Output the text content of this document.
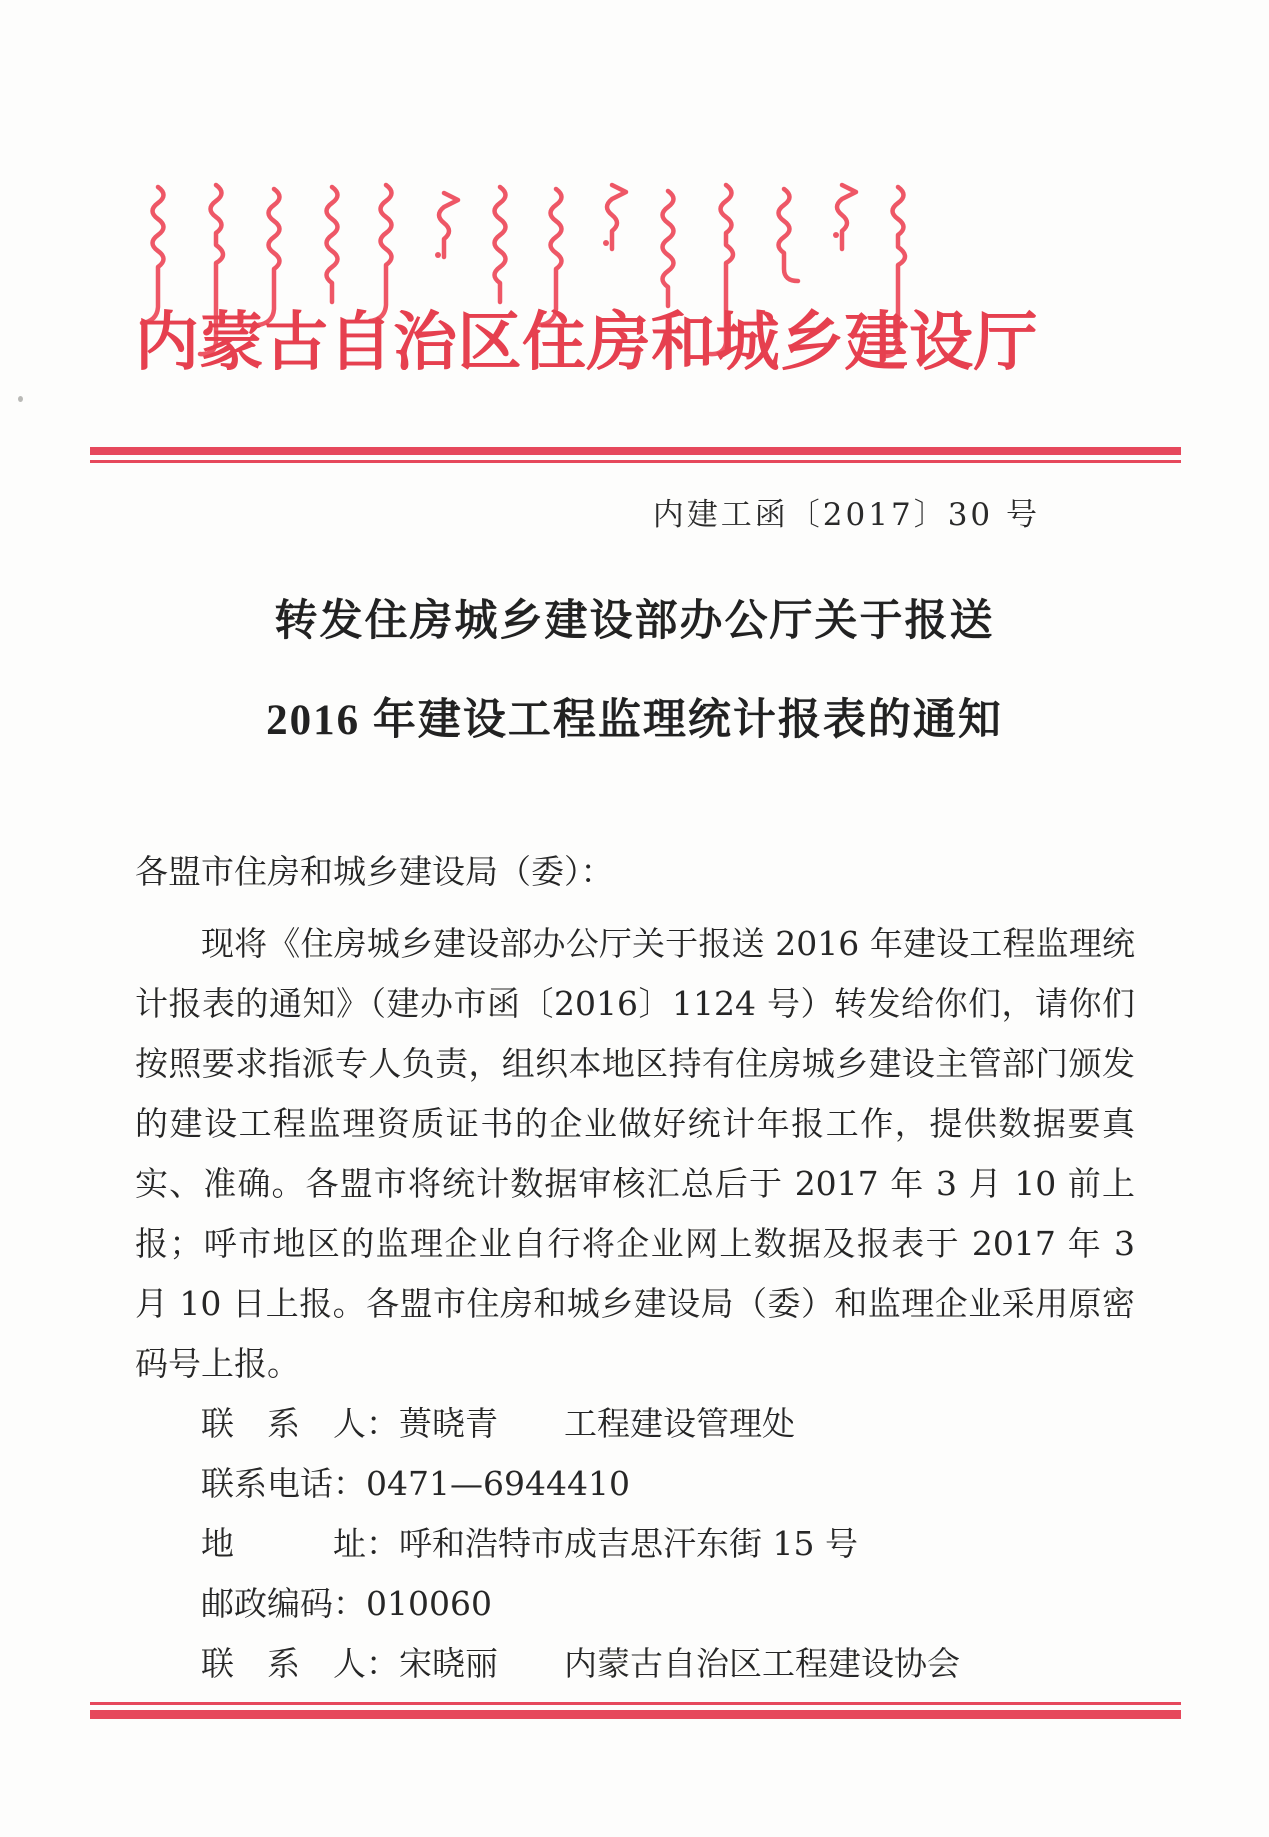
内蒙古自治区住房和城乡建设厅
内建工函〔2017〕30 号
转发住房城乡建设部办公厅关于报送
2016 年建设工程监理统计报表的通知

各盟市住房和城乡建设局（委）：

现将《住房城乡建设部办公厅关于报送 2016 年建设工程监理统计报表的通知》（建办市函〔2016〕1124 号）转发给你们，请你们按照要求指派专人负责，组织本地区持有住房城乡建设主管部门颁发的建设工程监理资质证书的企业做好统计年报工作，提供数据要真实、准确。各盟市将统计数据审核汇总后于 2017 年 3 月 10 前上报；呼市地区的监理企业自行将企业网上数据及报表于 2017 年 3 月 10 日上报。各盟市住房和城乡建设局（委）和监理企业采用原密码号上报。

联　系　人：蒉晓青　　工程建设管理处

联系电话：0471—6944410

地　　　址：呼和浩特市成吉思汗东街 15 号

邮政编码：010060

联　系　人：宋晓丽　　内蒙古自治区工程建设协会
